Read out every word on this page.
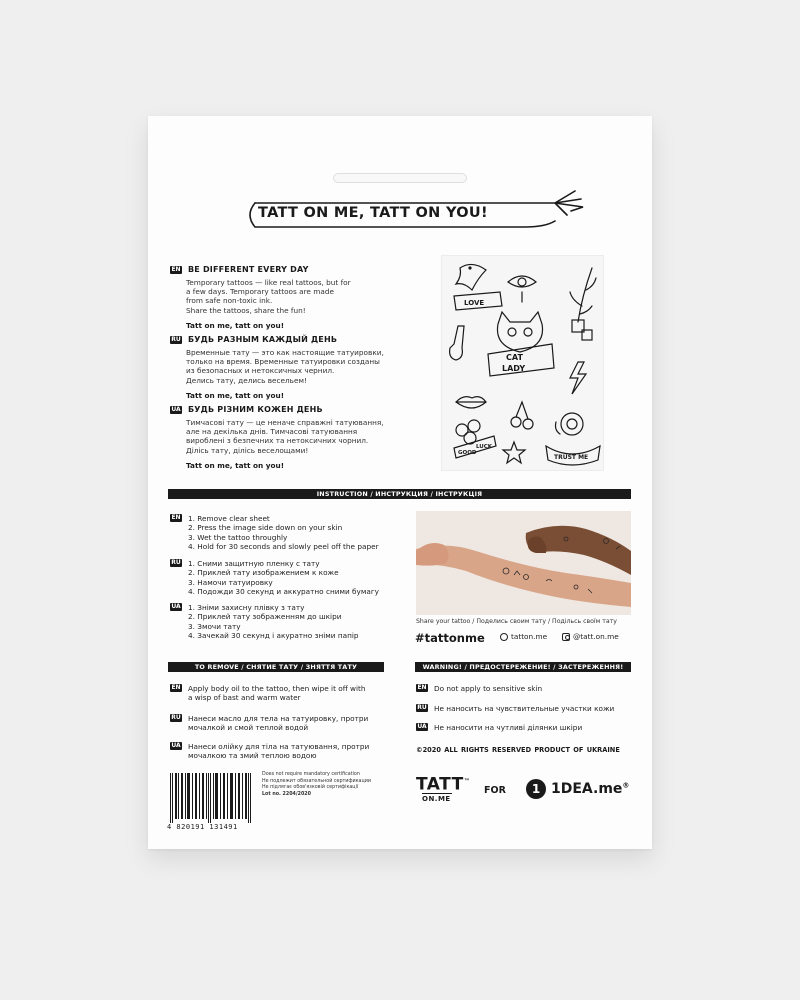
TATT ON ME, TATT ON YOU!
EN BE DIFFERENT EVERY DAY
Temporary tattoos — like real tattoos, but for
a few days. Temporary tattoos are made
from safe non-toxic ink.
Share the tattoos, share the fun!
Tatt on me, tatt on you!
RU БУДЬ РАЗНЫМ КАЖДЫЙ ДЕНЬ
Временные тату — это как настоящие татуировки,
только на время. Временные татуировки созданы
из безопасных и нетоксичных чернил.
Делись тату, делись весельем!
Tatt on me, tatt on you!
UA БУДЬ РІЗНИМ КОЖЕН ДЕНЬ
Тимчасові тату — це неначе справжні татуювання,
але на декілька днів. Тимчасові татуювання
вироблені з безпечних та нетоксичних чорнил.
Діліcь тату, діліcь веселощами!
Tatt on me, tatt on you!
LOVE
CAT
LADY
GOOD
LUCK
TRUST ME
INSTRUCTION / ИНСТРУКЦИЯ / ІНСТРУКЦІЯ
EN 1. Remove clear sheet
2. Press the image side down on your skin
3. Wet the tattoo throughly
4. Hold for 30 seconds and slowly peel off the paper
RU 1. Сними защитную пленку с тату
2. Приклей тату изображением к коже
3. Намочи татуировку
4. Подожди 30 секунд и аккуратно сними бумагу
UA 1. Зніми захисну плівку з тату
2. Приклей тату зображенням до шкіри
3. Змочи тату
4. Зачекай 30 секунд і акуратно зніми папір
Share your tattoo / Поделись своим тату / Подільсь своїм тату
#tattonme	tatton.me	@tatt.on.me
TO REMOVE / СНЯТИЕ ТАТУ / ЗНЯТТЯ ТАТУ
EN Apply body oil to the tattoo, then wipe it off with
a wisp of bast and warm water
RU Нанеси масло для тела на татуировку, протри
мочалкой и смой теплой водой
UA Нанеси олійку для тіла на татуювання, протри
мочалкою та змий теплою водою
WARNING! / ПРЕДОСТЕРЕЖЕНИЕ! / ЗАСТЕРЕЖЕННЯ!
EN Do not apply to sensitive skin
RU Не наносить на чувствительные участки кожи
UA Не наносити на чутливі ділянки шкіри
©2020 ALL RIGHTS RESERVED PRODUCT OF UKRAINE
4 820191 131491
Does not require mandatory certification
Не подлежит обязательной сертификации
Не підлягає обов'язковій сертифікації
Lot no. 2204/2020	TATT™
ON.ME
FOR	1 1DEA.me®
